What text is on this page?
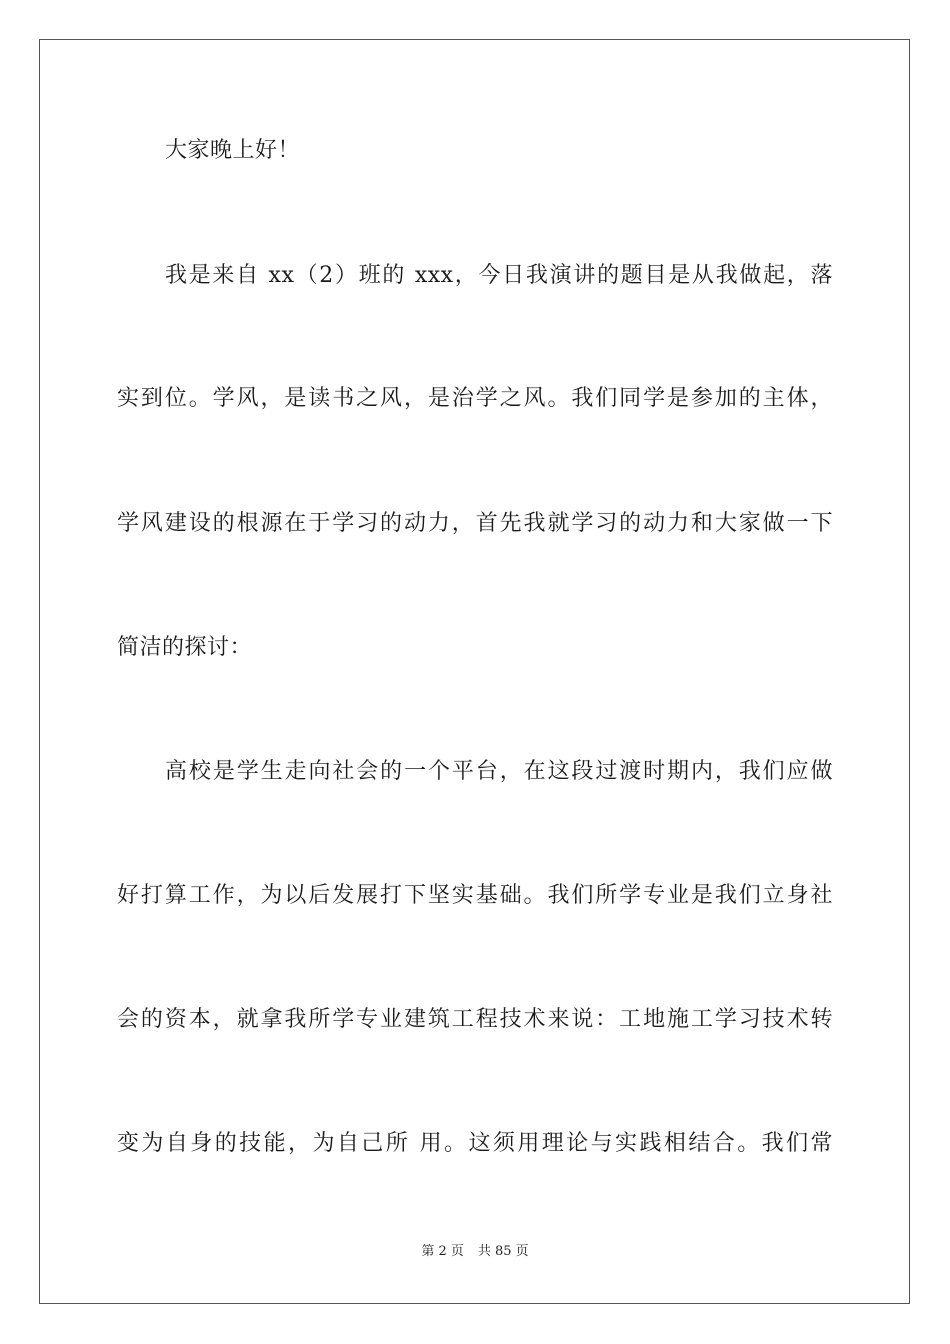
大家晚上好！
我是来自 xx（2）班的 xxx，今日我演讲的题目是从我做起，落
实到位。学风，是读书之风，是治学之风。我们同学是参加的主体，
学风建设的根源在于学习的动力，首先我就学习的动力和大家做一下
简洁的探讨：
高校是学生走向社会的一个平台，在这段过渡时期内，我们应做
好打算工作，为以后发展打下坚实基础。我们所学专业是我们立身社
会的资本，就拿我所学专业建筑工程技术来说：工地施工学习技术转
变为自身的技能，为自己所 用。这须用理论与实践相结合。我们常
第 2 页 共 85 页
